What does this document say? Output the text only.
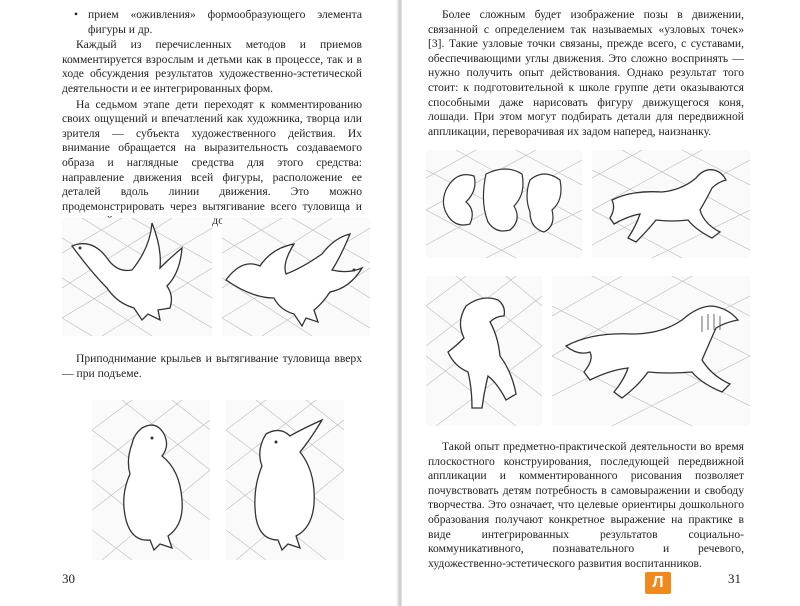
• прием «оживления» формообразующего элемента фигуры и др.

Каждый из перечисленных методов и приемов комментируется взрослым и детьми как в процессе, так и в ходе обсуждения результатов художественно-эстетической деятельности и ее интегрированных форм.

На седьмом этапе дети переходят к комментированию своих ощущений и впечатлений как художника, творца или зрителя — субъекта художественного действия. Их внимание обращается на выразительность создаваемого образа и наглядные средства для этого средства: направление движения всей фигуры, расположение ее деталей вдоль линии движения. Это можно продемонстрировать через вытягивание всего туловища и вдоль

Приподнимание крыльев и вытягивание туловища вверх — при подъеме.

30

Более сложным будет изображение позы в движении, связанной с определением так называемых «узловых точек» [3]. Такие узловые точки связаны, прежде всего, с суставами, обеспечивающими углы движения. Это сложно воспринять — нужно получить опыт действования. Однако результат того стоит: к подготовительной к школе группе дети оказываются способными даже нарисовать фигуру движущегося коня, лошади. При этом могут подбирать детали для передвижной аппликации, переворачивая их задом наперед, наизнанку.

Такой опыт предметно-практической деятельности во время плоскостного конструирования, последующей передвижной аппликации и комментированного рисования позволяет почувствовать детям потребность в самовыражении и свободу творчества. Это означает, что целевые ориентиры дошкольного образования получают конкретное выражение на практике в виде интегрированных результатов социально-коммуникативного, познавательного и речевого, художественно-эстетического развития воспитанников.

31
Л
